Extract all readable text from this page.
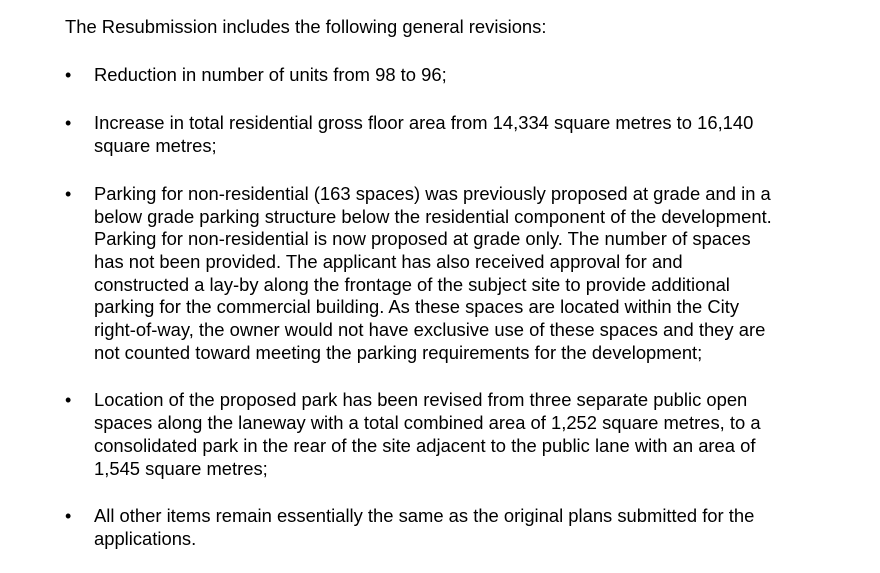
The Resubmission includes the following general revisions:

•	Reduction in number of units from 98 to 96;
•	Increase in total residential gross floor area from 14,334 square metres to 16,140
square metres;
•	Parking for non-residential (163 spaces) was previously proposed at grade and in a
below grade parking structure below the residential component of the development.
Parking for non-residential is now proposed at grade only. The number of spaces
has not been provided. The applicant has also received approval for and
constructed a lay-by along the frontage of the subject site to provide additional
parking for the commercial building. As these spaces are located within the City
right-of-way, the owner would not have exclusive use of these spaces and they are
not counted toward meeting the parking requirements for the development;
•	Location of the proposed park has been revised from three separate public open
spaces along the laneway with a total combined area of 1,252 square metres, to a
consolidated park in the rear of the site adjacent to the public lane with an area of
1,545 square metres;
•	All other items remain essentially the same as the original plans submitted for the
applications.
